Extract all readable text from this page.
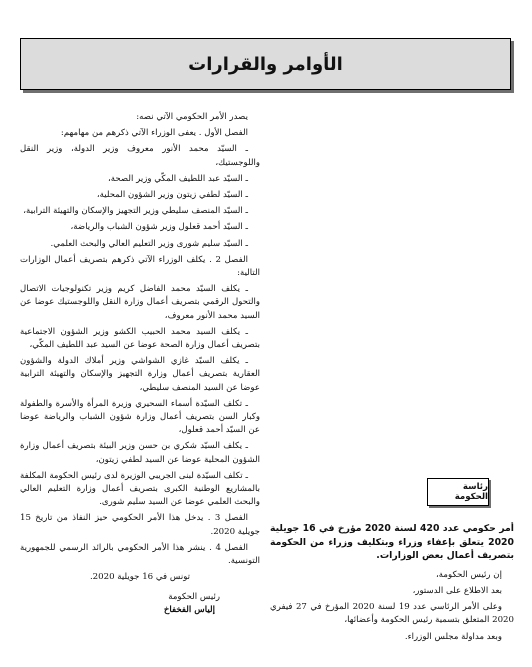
الأوامر والقرارات

يصدر الأمر الحكومي الآتي نصه:

الفصل الأول . يعفى الوزراء الآتي ذكرهم من مهامهم:

ـ السيّد محمد الأنور معروف وزير الدولة، وزير النقل واللوجستيك،

ـ السيّد عبد اللطيف المكّي وزير الصحة،

ـ السيّد لطفي زيتون وزير الشؤون المحلية،

ـ السيّد المنصف سليطي وزير التجهيز والإسكان والتهيئة الترابية،

ـ السيّد أحمد قعلول وزير شؤون الشباب والرياضة،

ـ السيّد سليم شورى وزير التعليم العالي والبحث العلمي.

الفصل 2 . يكلف الوزراء الآتي ذكرهم بتصريف أعمال الوزارات التالية:

ـ يكلف السيّد محمد الفاضل كريم وزير تكنولوجيات الاتصال والتحول الرقمي بتصريف أعمال وزارة النقل واللوجستيك عوضا عن السيد محمد الأنور معروف،

ـ يكلف السيد محمد الحبيب الكشو وزير الشؤون الاجتماعية بتصريف أعمال وزارة الصحة عوضا عن السيد عبد اللطيف المكّي،

ـ يكلف السيّد غازي الشواشي وزير أملاك الدولة والشؤون العقارية بتصريف أعمال وزارة التجهيز والإسكان والتهيئة الترابية عوضا عن السيد المنصف سليطي،

ـ تكلف السيّدة أسماء السحيري وزيرة المرأة والأسرة والطفولة وكبار السن بتصريف أعمال وزارة شؤون الشباب والرياضة عوضا عن السيّد أحمد قعلول،

ـ يكلف السيّد شكري بن حسن وزير البيئة بتصريف أعمال وزارة الشؤون المحلية عوضا عن السيد لطفي زيتون،

ـ تكلف السيّدة لبنى الجريبي الوزيرة لدى رئيس الحكومة المكلفة بالمشاريع الوطنية الكبرى بتصريف أعمال وزارة التعليم العالي والبحث العلمي عوضا عن السيد سليم شورى.

الفصل 3 . يدخل هذا الأمر الحكومي حيز النفاذ من تاريخ 15 جويلية 2020.

الفصل 4 . ينشر هذا الأمر الحكومي بالرائد الرسمي للجمهورية التونسية.

تونس في 16 جويلية 2020.

رئيس الحكومة
إلياس الفخفاخ
رئاسة الحكومة
أمر حكومي عدد 420 لسنة 2020 مؤرخ في 16 جويلية 2020 يتعلق بإعفاء وزراء وبتكليف وزراء من الحكومة بتصريف أعمال بعض الوزارات.

إن رئيس الحكومة،

بعد الاطلاع على الدستور،

وعلى الأمر الرئاسي عدد 19 لسنة 2020 المؤرخ في 27 فيفري 2020 المتعلق بتسمية رئيس الحكومة وأعضائها،

وبعد مداولة مجلس الوزراء.
